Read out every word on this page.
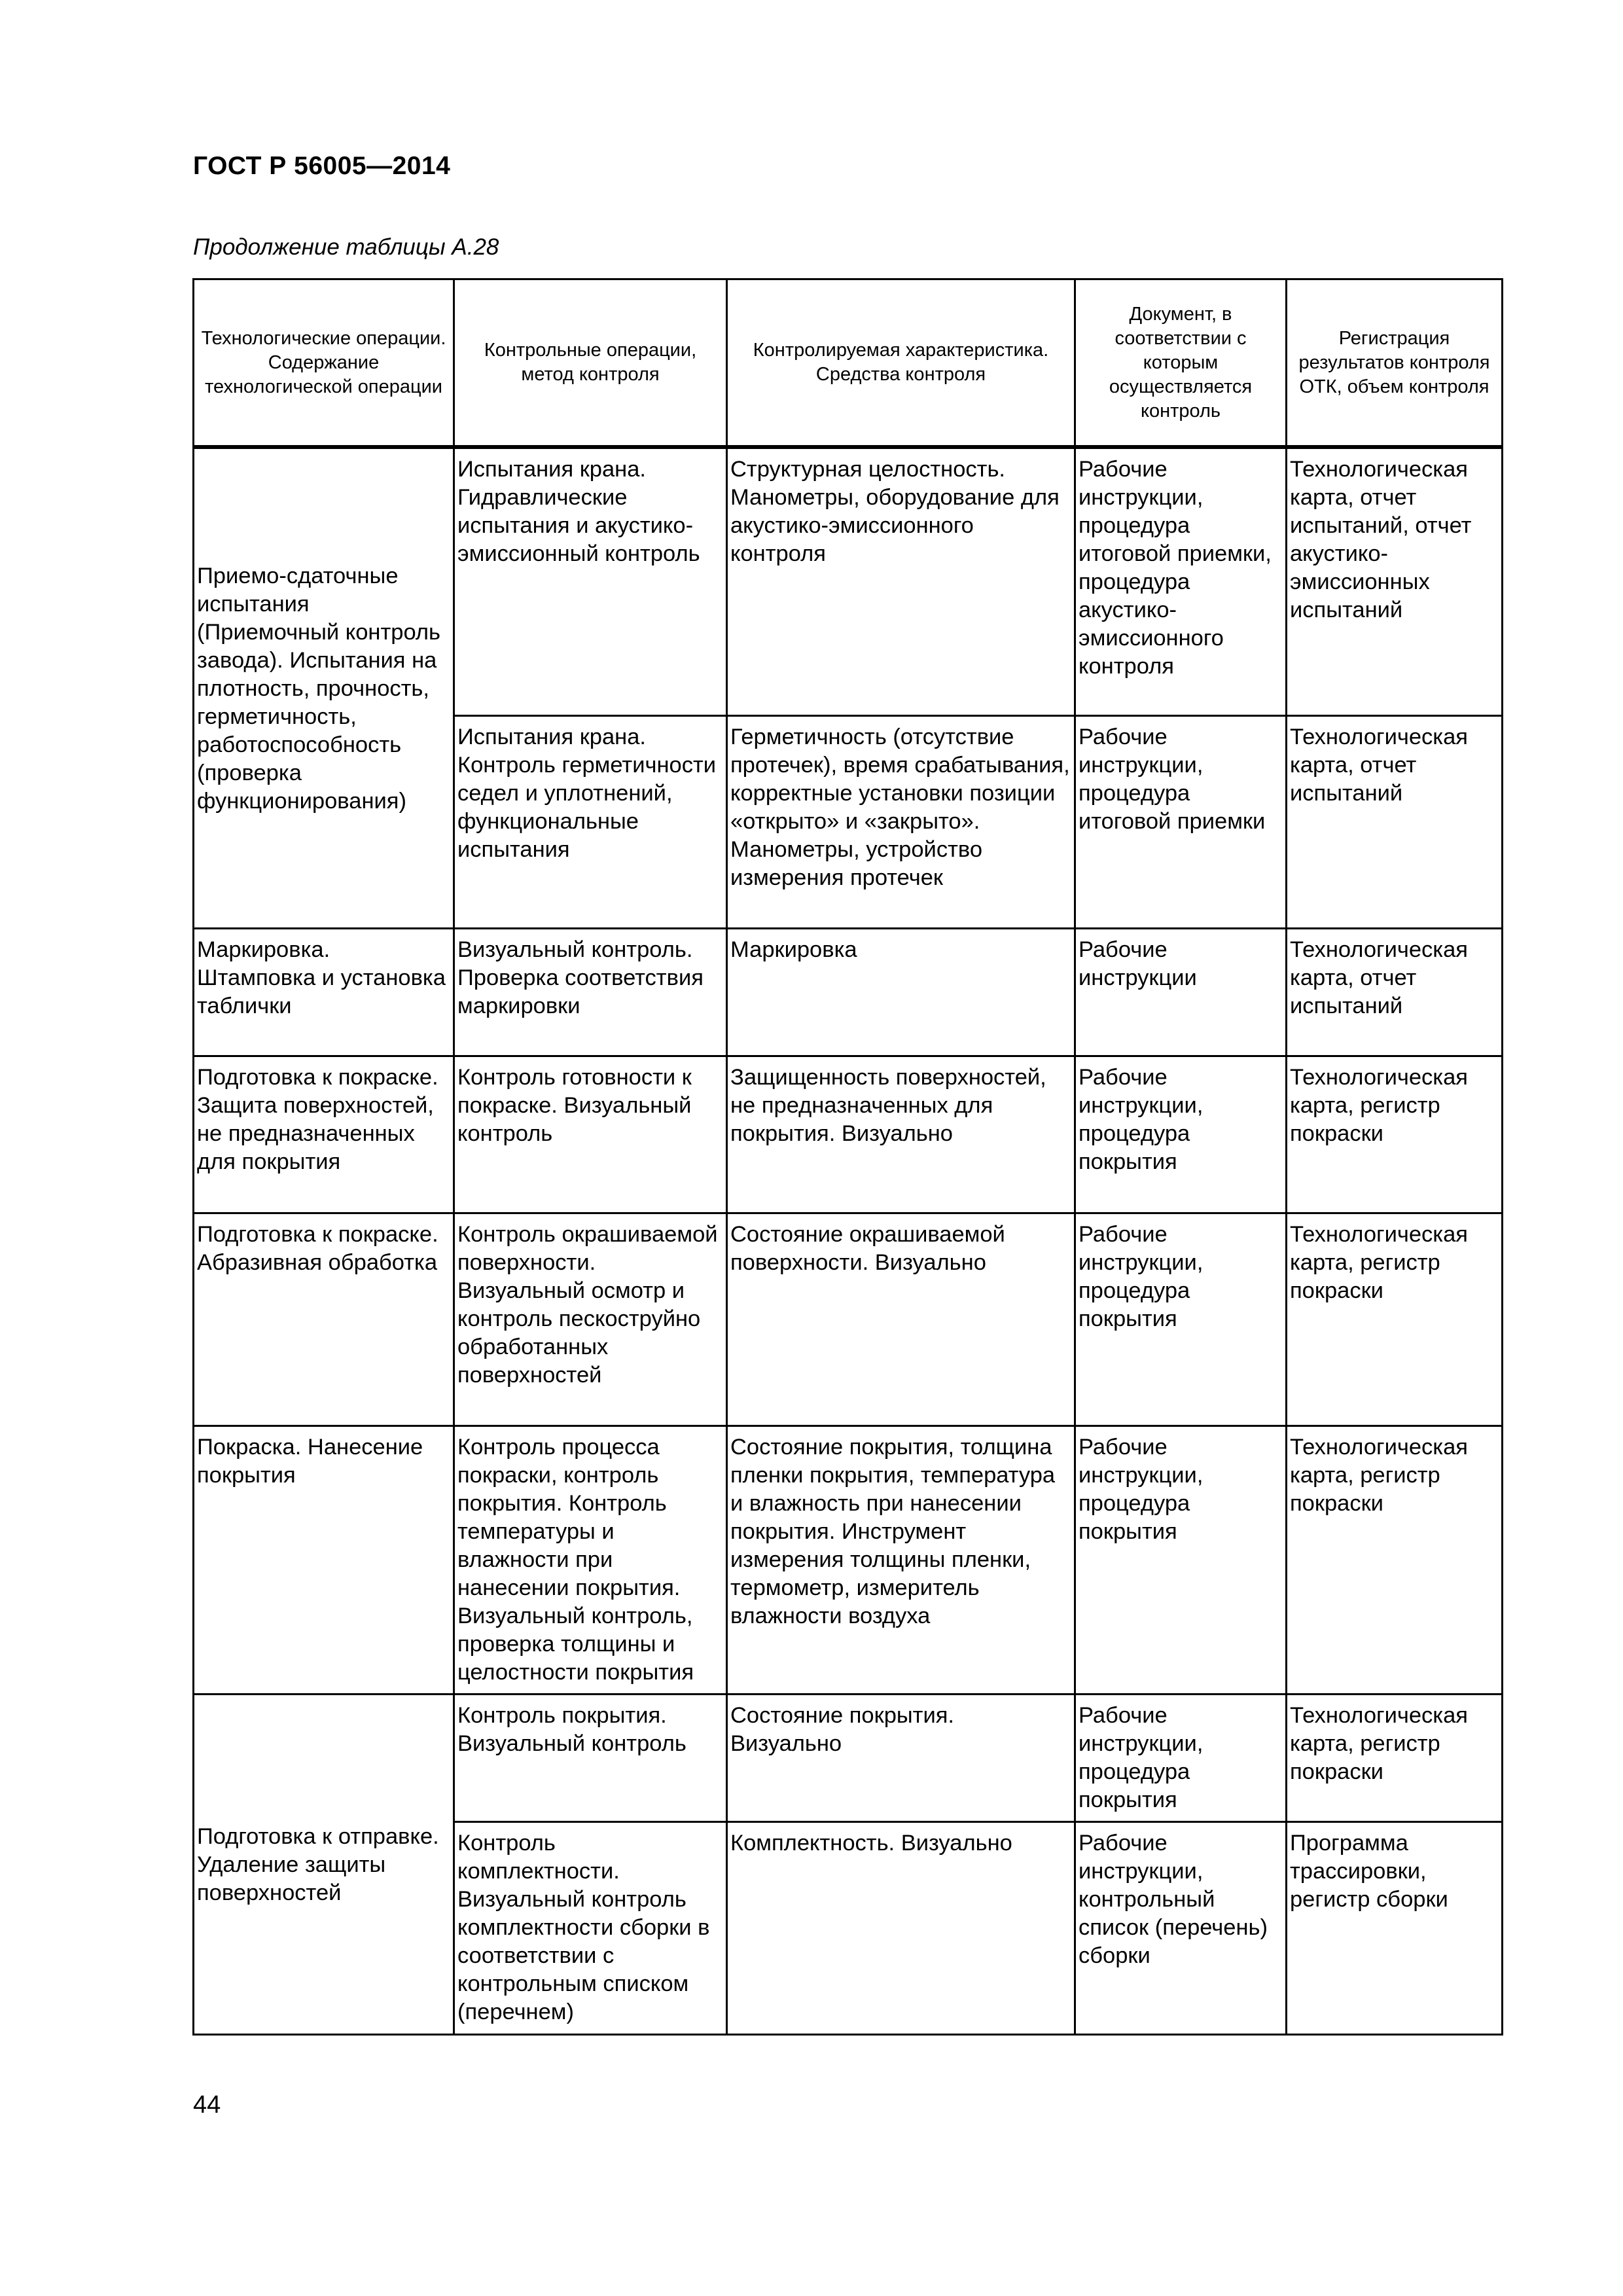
ГОСТ Р 56005—2014
Продолжение таблицы А.28
Технологические операции. Содержание технологической операции	Контрольные операции, метод контроля	Контролируемая характеристика. Средства контроля	Документ, в соответствии с которым осуществляется контроль	Регистрация результатов контроля ОТК, объем контроля
Приемо-сдаточные испытания (Приемочный контроль завода). Испытания на плотность, прочность, герметичность, работоспособность (проверка функционирования)	Испытания крана. Гидравлические испытания и акустико-эмиссионный контроль	Структурная целостность. Манометры, оборудование для акустико-эмиссионного контроля	Рабочие инструкции, процедура итоговой приемки, процедура акустико-эмиссионного контроля	Технологическая карта, отчет испытаний, отчет акустико-эмиссионных испытаний
	Испытания крана. Контроль герметичности седел и уплотнений, функциональные испытания	Герметичность (отсутствие протечек), время срабатывания, корректные установки позиции «открыто» и «закрыто». Манометры, устройство измерения протечек	Рабочие инструкции, процедура итоговой приемки	Технологическая карта, отчет испытаний
Маркировка. Штамповка и установка таблички	Визуальный контроль. Проверка соответствия маркировки	Маркировка	Рабочие инструкции	Технологическая карта, отчет испытаний
Подготовка к покраске. Защита поверхностей, не предназначенных для покрытия	Контроль готовности к покраске. Визуальный контроль	Защищенность поверхностей, не предназначенных для покрытия. Визуально	Рабочие инструкции, процедура покрытия	Технологическая карта, регистр покраски
Подготовка к покраске. Абразивная обработка	Контроль окрашиваемой поверхности. Визуальный осмотр и контроль пескоструйно обработанных поверхностей	Состояние окрашиваемой поверхности. Визуально	Рабочие инструкции, процедура покрытия	Технологическая карта, регистр покраски
Покраска. Нанесение покрытия	Контроль процесса покраски, контроль покрытия. Контроль температуры и влажности при нанесении покрытия. Визуальный контроль, проверка толщины и целостности покрытия	Состояние покрытия, толщина пленки покрытия, температура и влажность при нанесении покрытия. Инструмент измерения толщины пленки, термометр, измеритель влажности воздуха	Рабочие инструкции, процедура покрытия	Технологическая карта, регистр покраски
Подготовка к отправке. Удаление защиты поверхностей	Контроль покрытия. Визуальный контроль	Состояние покрытия. Визуально	Рабочие инструкции, процедура покрытия	Технологическая карта, регистр покраски
	Контроль комплектности. Визуальный контроль комплектности сборки в соответствии с контрольным списком (перечнем)	Комплектность. Визуально	Рабочие инструкции, контрольный список (перечень) сборки	Программа трассировки, регистр сборки
44
